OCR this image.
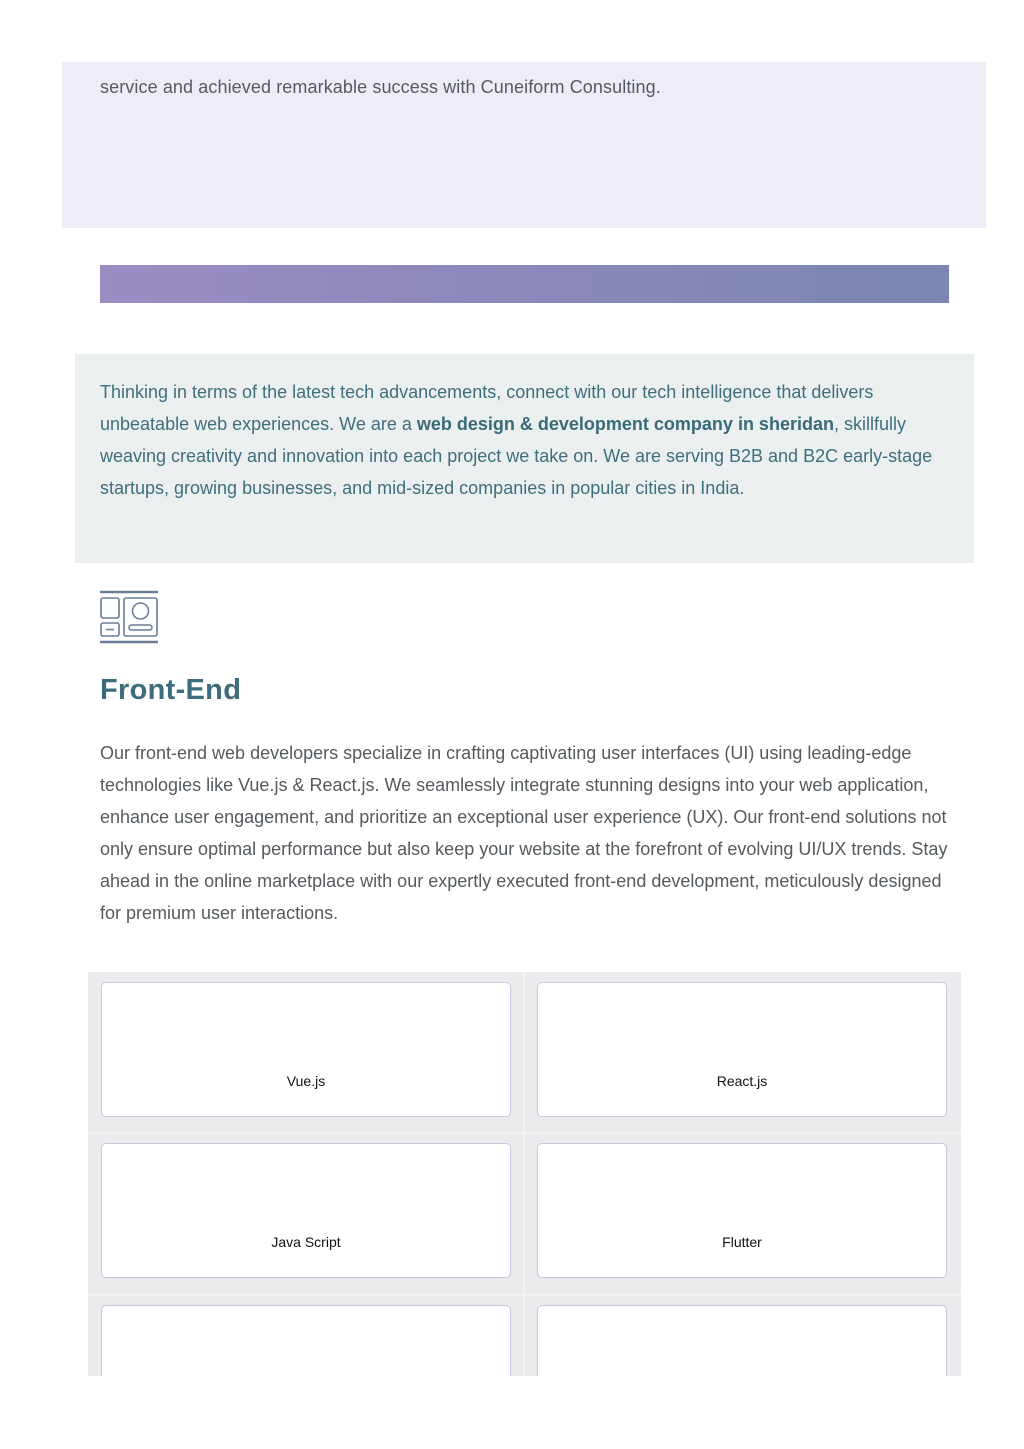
service and achieved remarkable success with Cuneiform Consulting.

Thinking in terms of the latest tech advancements, connect with our tech intelligence that delivers unbeatable web experiences. We are a web design & development company in sheridan, skillfully weaving creativity and innovation into each project we take on. We are serving B2B and B2C early-stage startups, growing businesses, and mid-sized companies in popular cities in India.

Front-End

Our front-end web developers specialize in crafting captivating user interfaces (UI) using leading-edge technologies like Vue.js & React.js. We seamlessly integrate stunning designs into your web application, enhance user engagement, and prioritize an exceptional user experience (UX). Our front-end solutions not only ensure optimal performance but also keep your website at the forefront of evolving UI/UX trends. Stay ahead in the online marketplace with our expertly executed front-end development, meticulously designed for premium user interactions.

Vue.js	React.js
Java Script	Flutter
